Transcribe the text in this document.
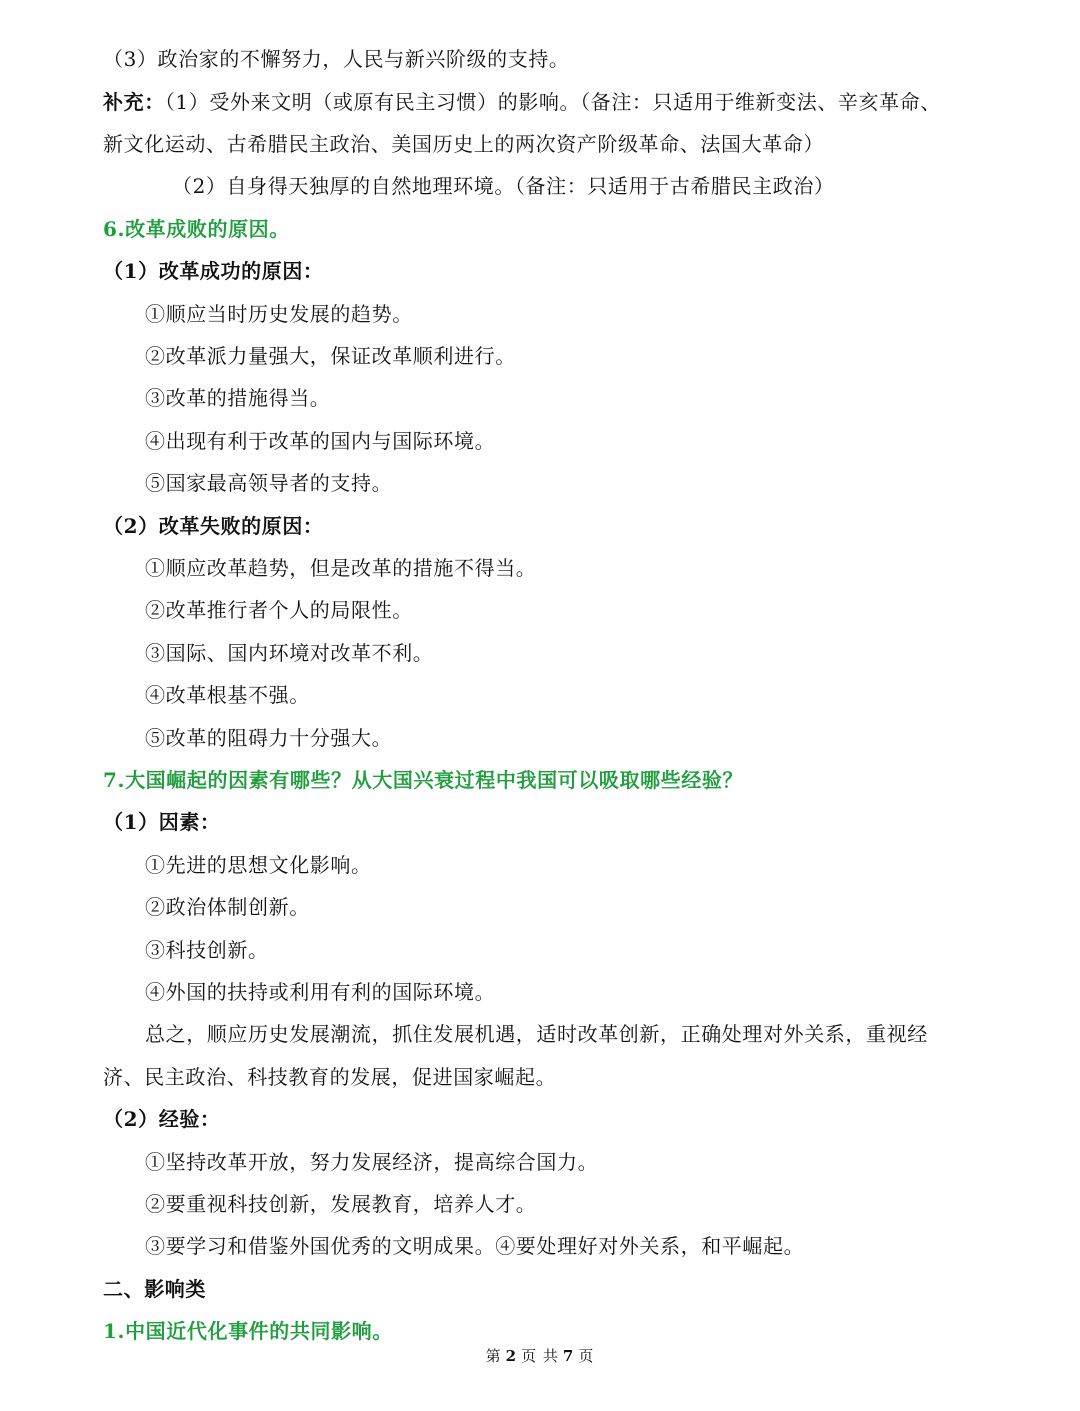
（3）政治家的不懈努力，人民与新兴阶级的支持。
补充：（1）受外来文明（或原有民主习惯）的影响。（备注：只适用于维新变法、辛亥革命、
新文化运动、古希腊民主政治、美国历史上的两次资产阶级革命、法国大革命）
（2）自身得天独厚的自然地理环境。（备注：只适用于古希腊民主政治）
6.改革成败的原因。
（1）改革成功的原因：
①顺应当时历史发展的趋势。
②改革派力量强大，保证改革顺利进行。
③改革的措施得当。
④出现有利于改革的国内与国际环境。
⑤国家最高领导者的支持。
（2）改革失败的原因：
①顺应改革趋势，但是改革的措施不得当。
②改革推行者个人的局限性。
③国际、国内环境对改革不利。
④改革根基不强。
⑤改革的阻碍力十分强大。
7.大国崛起的因素有哪些？从大国兴衰过程中我国可以吸取哪些经验？
（1）因素：
①先进的思想文化影响。
②政治体制创新。
③科技创新。
④外国的扶持或利用有利的国际环境。
总之，顺应历史发展潮流，抓住发展机遇，适时改革创新，正确处理对外关系，重视经
济、民主政治、科技教育的发展，促进国家崛起。
（2）经验：
①坚持改革开放，努力发展经济，提高综合国力。
②要重视科技创新，发展教育，培养人才。
③要学习和借鉴外国优秀的文明成果。④要处理好对外关系，和平崛起。
二、影响类
1.中国近代化事件的共同影响。
第 2 页 共 7 页
